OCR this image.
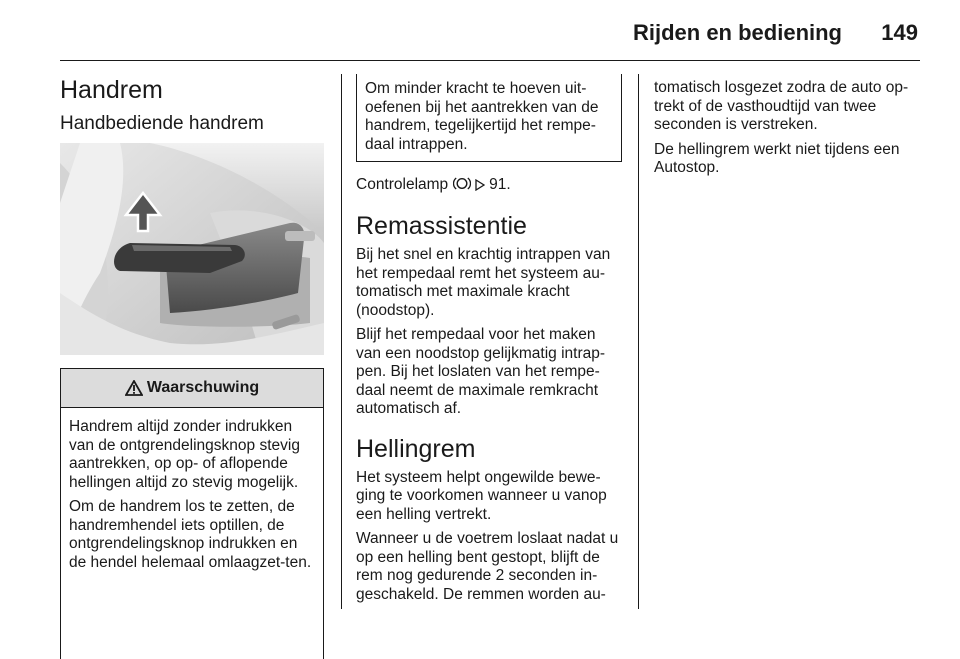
Rijden en bediening 149
Handrem
Handbediende handrem
Waarschuwing

Handrem altijd zonder indrukken van de ontgrendelingsknop stevig aantrekken, op op- of aflopende hellingen altijd zo stevig mogelijk.

Om de handrem los te zetten, de handremhendel iets optillen, de ontgrendelingsknop indrukken en de hendel helemaal omlaagzet-ten.

Om minder kracht te hoeven uit-oefenen bij het aantrekken van de handrem, tegelijkertijd het rempe-daal intrappen.

Controlelamp	91.

Remassistentie

Bij het snel en krachtig intrappen van het rempedaal remt het systeem au-tomatisch met maximale kracht (noodstop).

Blijf het rempedaal voor het maken van een noodstop gelijkmatig intrap-pen. Bij het loslaten van het rempe-daal neemt de maximale remkracht automatisch af.

Hellingrem

Het systeem helpt ongewilde bewe-ging te voorkomen wanneer u vanop een helling vertrekt.

Wanneer u de voetrem loslaat nadat u op een helling bent gestopt, blijft de rem nog gedurende 2 seconden in-geschakeld. De remmen worden au-

tomatisch losgezet zodra de auto op-trekt of de vasthoudtijd van twee seconden is verstreken.

De hellingrem werkt niet tijdens een Autostop.
